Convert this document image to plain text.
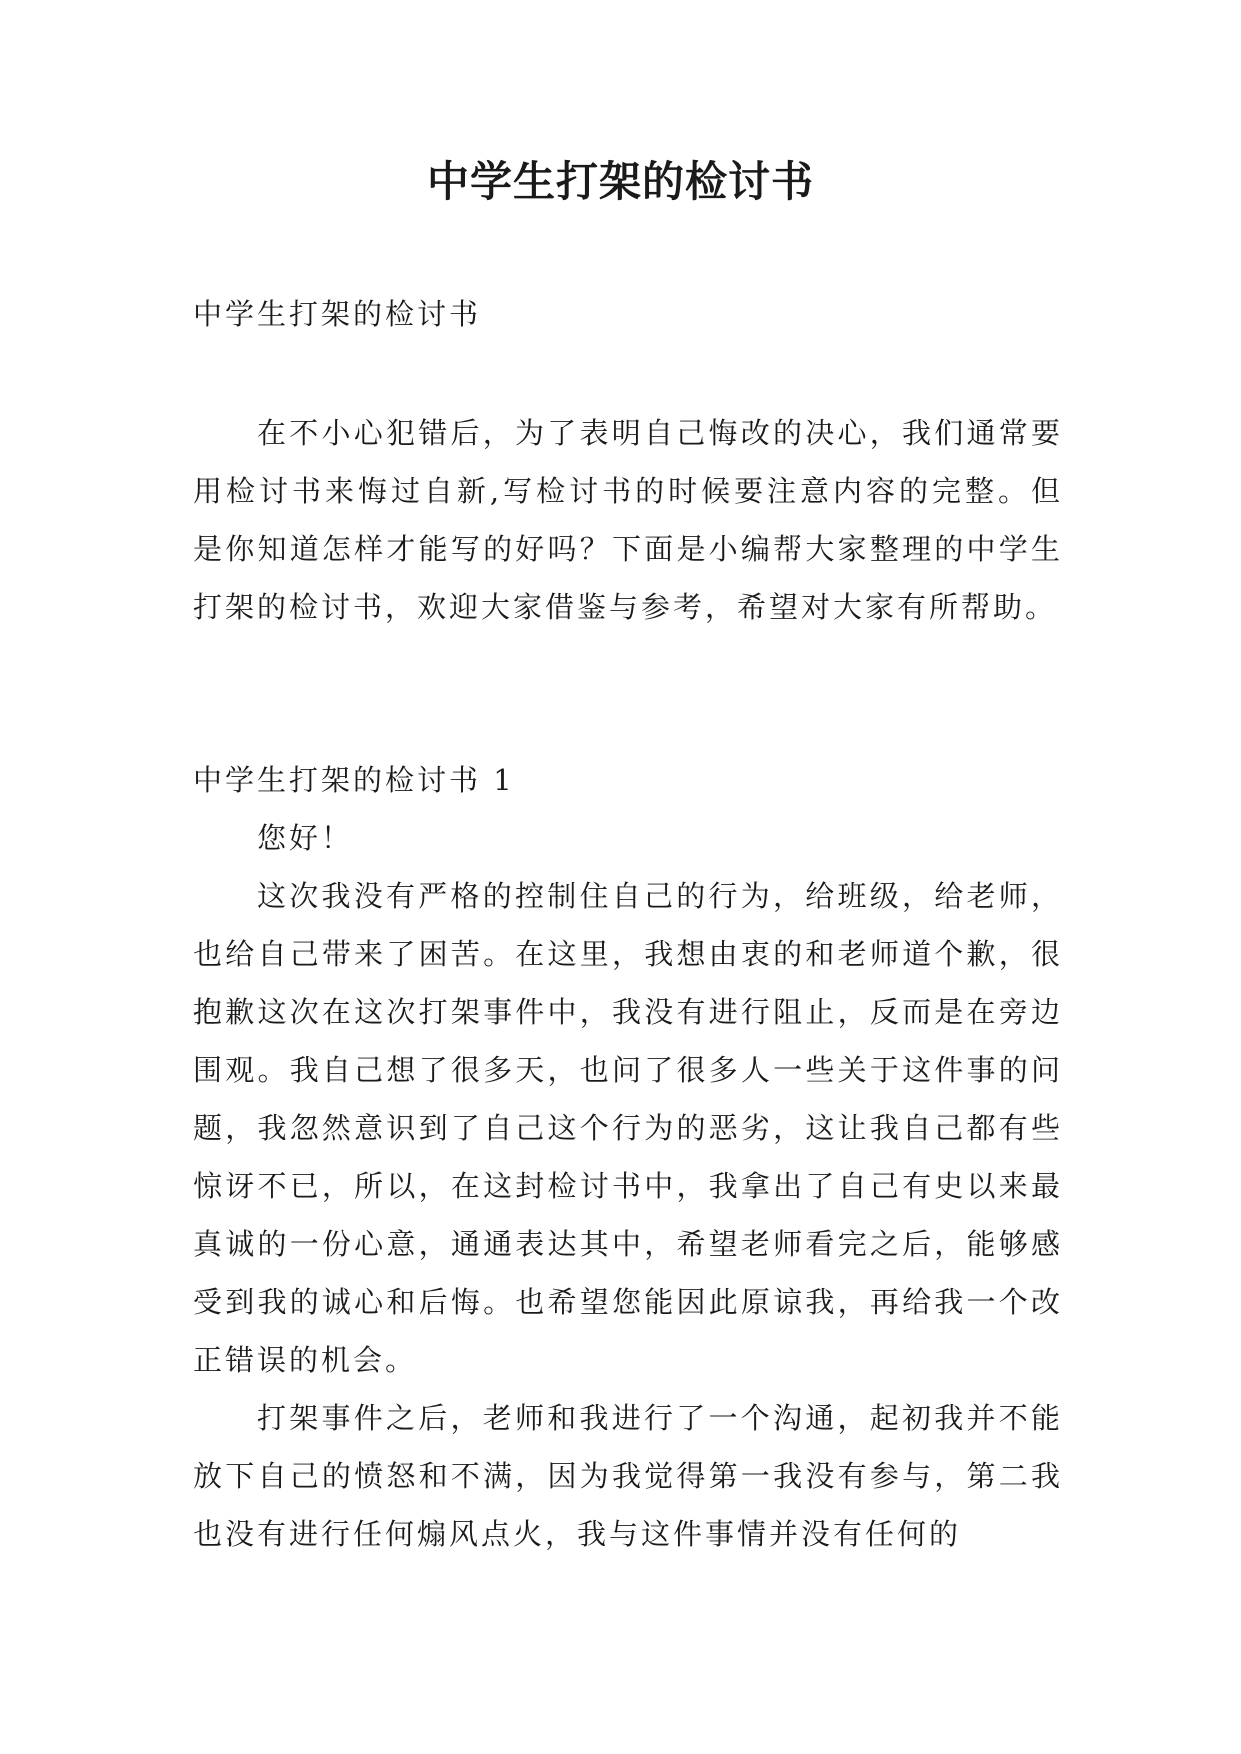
中学生打架的检讨书

中学生打架的检讨书

在不小心犯错后，为了表明自己悔改的决心，我们通常要用检讨书来悔过自新,写检讨书的时候要注意内容的完整。但是你知道怎样才能写的好吗？下面是小编帮大家整理的中学生打架的检讨书，欢迎大家借鉴与参考，希望对大家有所帮助。

中学生打架的检讨书 1

您好！

这次我没有严格的控制住自己的行为，给班级，给老师，也给自己带来了困苦。在这里，我想由衷的和老师道个歉，很抱歉这次在这次打架事件中，我没有进行阻止，反而是在旁边围观。我自己想了很多天，也问了很多人一些关于这件事的问题，我忽然意识到了自己这个行为的恶劣，这让我自己都有些惊讶不已，所以，在这封检讨书中，我拿出了自己有史以来最真诚的一份心意，通通表达其中，希望老师看完之后，能够感受到我的诚心和后悔。也希望您能因此原谅我，再给我一个改正错误的机会。

打架事件之后，老师和我进行了一个沟通，起初我并不能放下自己的愤怒和不满，因为我觉得第一我没有参与，第二我也没有进行任何煽风点火，我与这件事情并没有任何的
